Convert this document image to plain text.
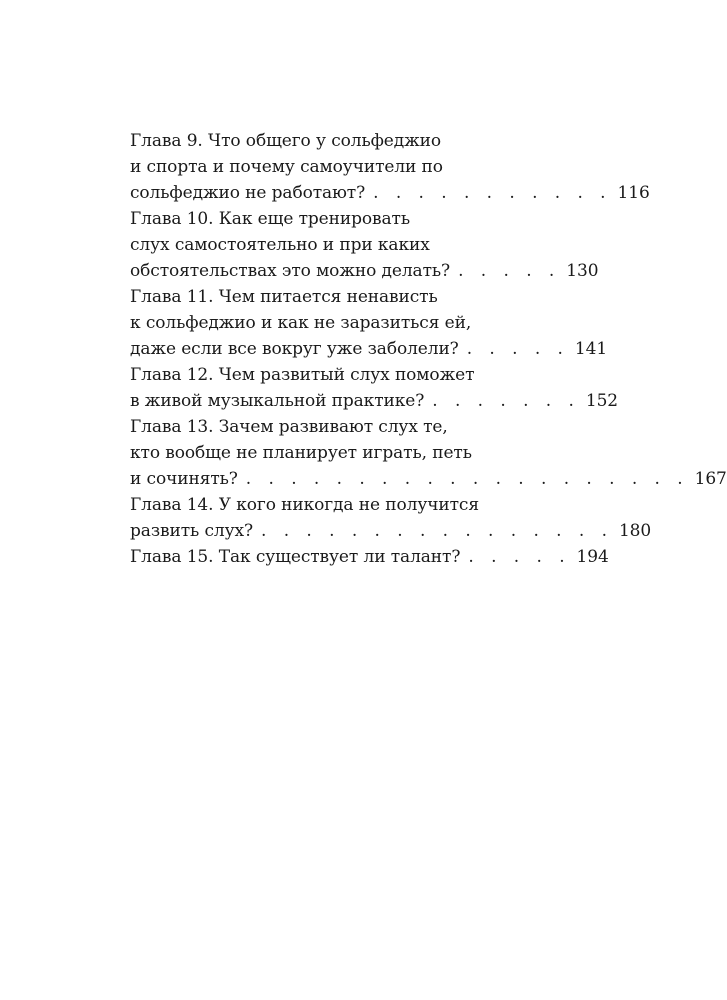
Глава 9. Что общего у сольфеджио
и спорта и почему самоучители по
сольфеджио не работают? . . . . . . . . . . . 116
Глава 10. Как еще тренировать
слух самостоятельно и при каких
обстоятельствах это можно делать? . . . . . 130
Глава 11. Чем питается ненависть
к сольфеджио и как не заразиться ей,
даже если все вокруг уже заболели? . . . . . 141
Глава 12. Чем развитый слух поможет
в живой музыкальной практике? . . . . . . . 152
Глава 13. Зачем развивают слух те,
кто вообще не планирует играть, петь
и сочинять? . . . . . . . . . . . . . . . . . . . . 167
Глава 14. У кого никогда не получится
развить слух? . . . . . . . . . . . . . . . . 180
Глава 15. Так существует ли талант? . . . . . 194
